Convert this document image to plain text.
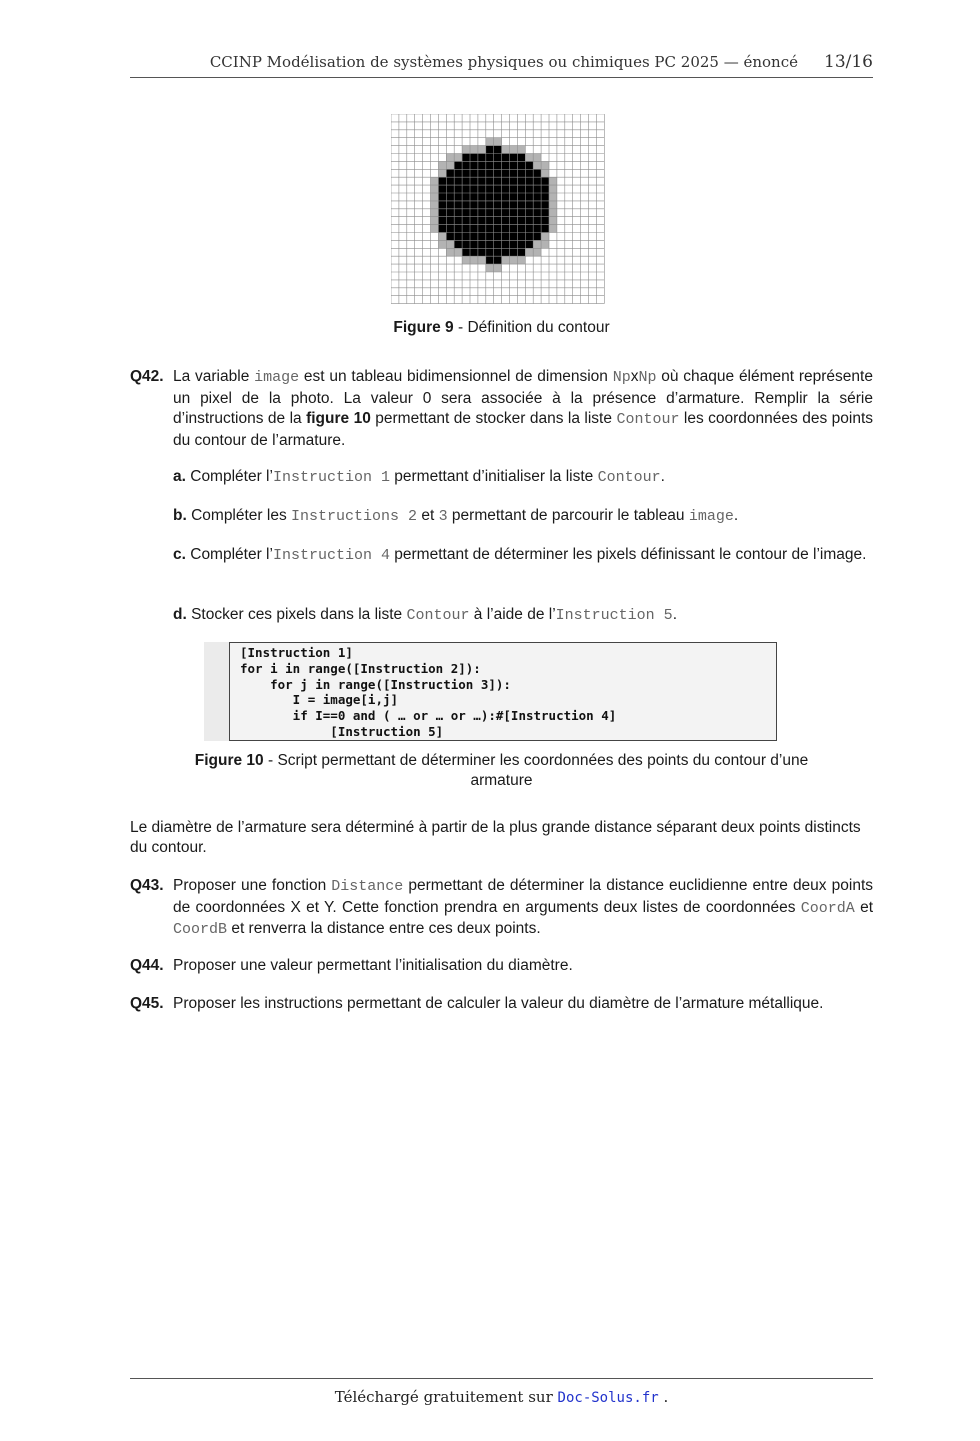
CCINP Modélisation de systèmes physiques ou chimiques PC 2025 — énoncé 13/16
Figure 9 - Définition du contour
Q42. La variable image est un tableau bidimensionnel de dimension NpxNp où chaque élément représente un pixel de la photo. La valeur 0 sera associée à la présence d’armature. Remplir la série d’instructions de la figure 10 permettant de stocker dans la liste Contour les coordonnées des points du contour de l’armature.
a. Compléter l’Instruction 1 permettant d’initialiser la liste Contour.
b. Compléter les Instructions 2 et 3 permettant de parcourir le tableau image.
c. Compléter l’Instruction 4 permettant de déterminer les pixels définissant le contour de l’image.
d. Stocker ces pixels dans la liste Contour à l’aide de l’Instruction 5.
[Instruction 1]
for i in range([Instruction 2]):
for j in range([Instruction 3]):
I = image[i,j]
if I==0 and ( … or … or …):#[Instruction 4]
[Instruction 5]
Figure 10 - Script permettant de déterminer les coordonnées des points du contour d’une
armature
Le diamètre de l’armature sera déterminé à partir de la plus grande distance séparant deux points distincts du contour.
Q43. Proposer une fonction Distance permettant de déterminer la distance euclidienne entre deux points de coordonnées X et Y. Cette fonction prendra en arguments deux listes de coordonnées CoordA et CoordB et renverra la distance entre ces deux points.
Q44. Proposer une valeur permettant l’initialisation du diamètre.
Q45. Proposer les instructions permettant de calculer la valeur du diamètre de l’armature métallique.
Téléchargé gratuitement sur Doc-Solus.fr .
